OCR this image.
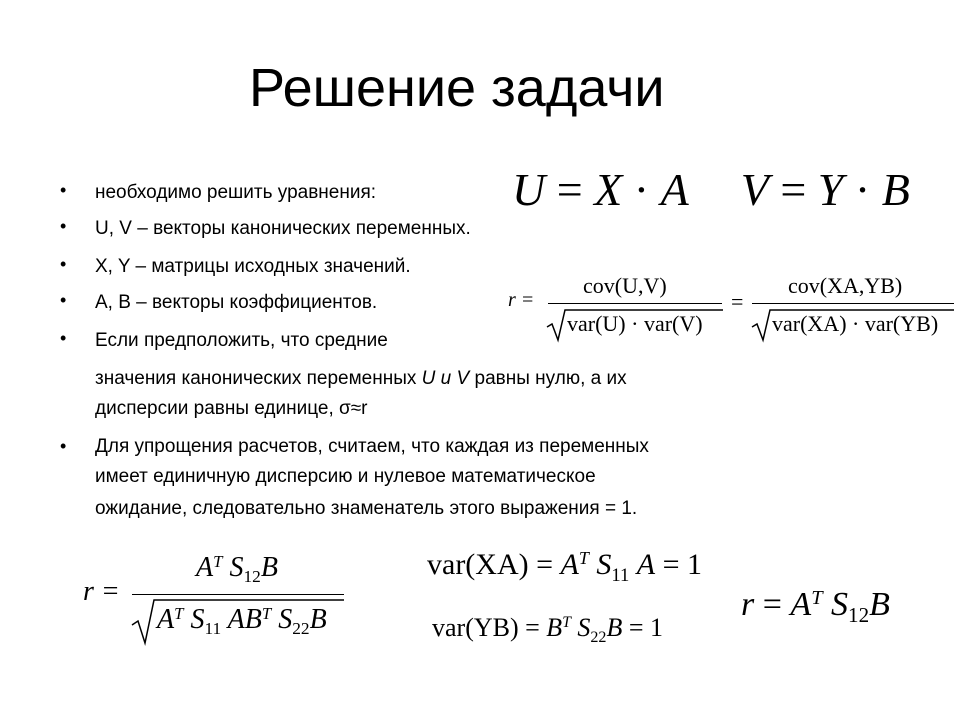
Решение задачи
• необходимо решить уравнения:
• U, V – векторы канонических переменных.
• X, Y – матрицы исходных значений.
• A, B – векторы коэффициентов.
• Если предположить, что средние
значения канонических переменных U и V равны нулю, а их
дисперсии равны единице, σ≈r
• Для упрощения расчетов, считаем, что каждая из переменных
имеет единичную дисперсию и нулевое математическое
ожидание, следовательно знаменатель этого выражения = 1.
U = X · A V = Y · B
r =
cov(U,V)
var(U) · var(V)
=
cov(XA,YB)
var(XA) · var(YB)
r =
$A^T$ $S_{12}B$
$A^T$ $S_{11}$ $AB^T$ $S_{22}B$
$var(XA) = A^T$ $S_{11}$ A = 1
$var(YB) = B^T$ $S_{22}B = 1$
$r = A^T$ $S_{12}B$
